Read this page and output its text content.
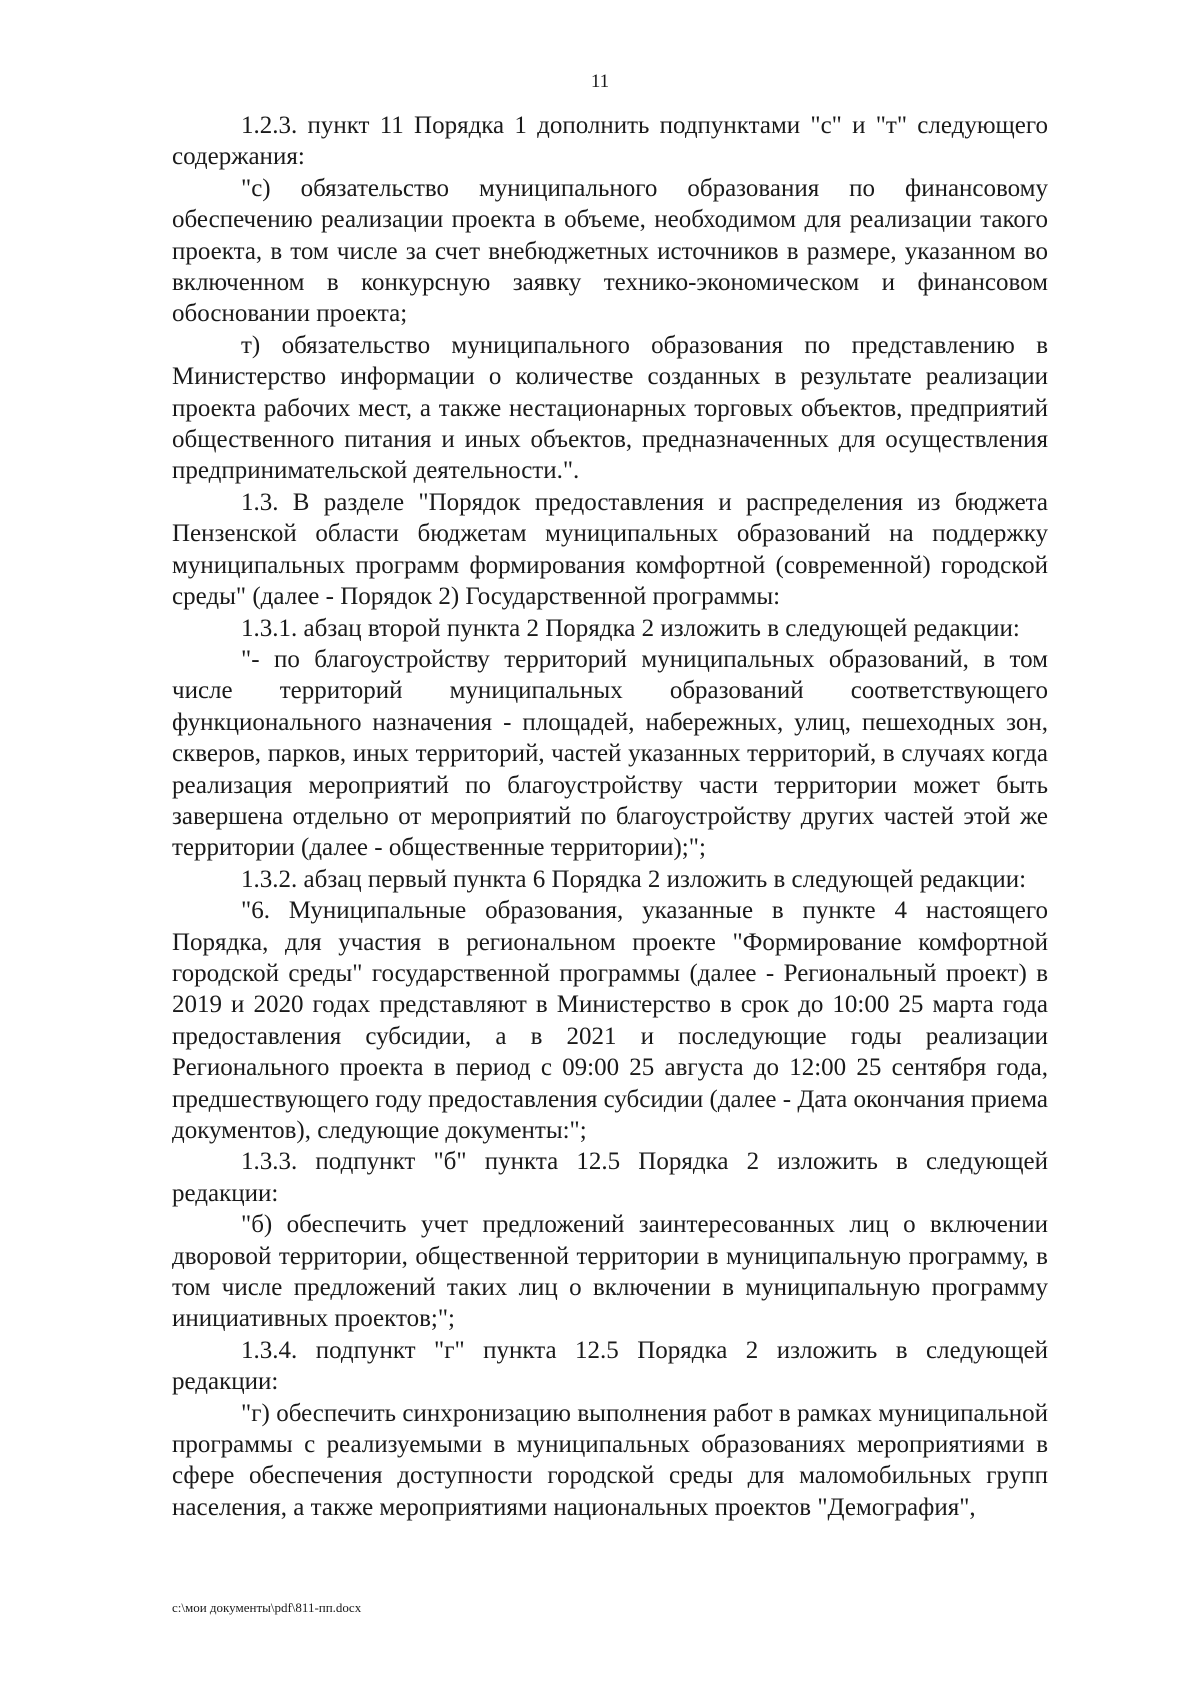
11

1.2.3. пункт 11 Порядка 1 дополнить подпунктами "с" и "т" следующего содержания:

"с) обязательство муниципального образования по финансовому обеспечению реализации проекта в объеме, необходимом для реализации такого проекта, в том числе за счет внебюджетных источников в размере, указанном во включенном в конкурсную заявку технико-экономическом и финансовом обосновании проекта;

т) обязательство муниципального образования по представлению в Министерство информации о количестве созданных в результате реализации проекта рабочих мест, а также нестационарных торговых объектов, предприятий общественного питания и иных объектов, предназначенных для осуществления предпринимательской деятельности.".

1.3. В разделе "Порядок предоставления и распределения из бюджета Пензенской области бюджетам муниципальных образований на поддержку муниципальных программ формирования комфортной (современной) городской среды" (далее - Порядок 2) Государственной программы:

1.3.1. абзац второй пункта 2 Порядка 2 изложить в следующей редакции:

"- по благоустройству территорий муниципальных образований, в том числе территорий муниципальных образований соответствующего функционального назначения - площадей, набережных, улиц, пешеходных зон, скверов, парков, иных территорий, частей указанных территорий, в случаях когда реализация мероприятий по благоустройству части территории может быть завершена отдельно от мероприятий по благоустройству других частей этой же территории (далее - общественные территории);";

1.3.2. абзац первый пункта 6 Порядка 2 изложить в следующей редакции:

"6. Муниципальные образования, указанные в пункте 4 настоящего Порядка, для участия в региональном проекте "Формирование комфортной городской среды" государственной программы (далее - Региональный проект) в 2019 и 2020 годах представляют в Министерство в срок до 10:00 25 марта года предоставления субсидии, а в 2021 и последующие годы реализации Регионального проекта в период с 09:00 25 августа до 12:00 25 сентября года, предшествующего году предоставления субсидии (далее - Дата окончания приема документов), следующие документы:";

1.3.3. подпункт "б" пункта 12.5 Порядка 2 изложить в следующей редакции:

"б) обеспечить учет предложений заинтересованных лиц о включении дворовой территории, общественной территории в муниципальную программу, в том числе предложений таких лиц о включении в муниципальную программу инициативных проектов;";

1.3.4. подпункт "г" пункта 12.5 Порядка 2 изложить в следующей редакции:

"г) обеспечить синхронизацию выполнения работ в рамках муниципальной программы с реализуемыми в муниципальных образованиях мероприятиями в сфере обеспечения доступности городской среды для маломобильных групп населения, а также мероприятиями национальных проектов "Демография",

c:\мои документы\pdf\811-пп.docx
